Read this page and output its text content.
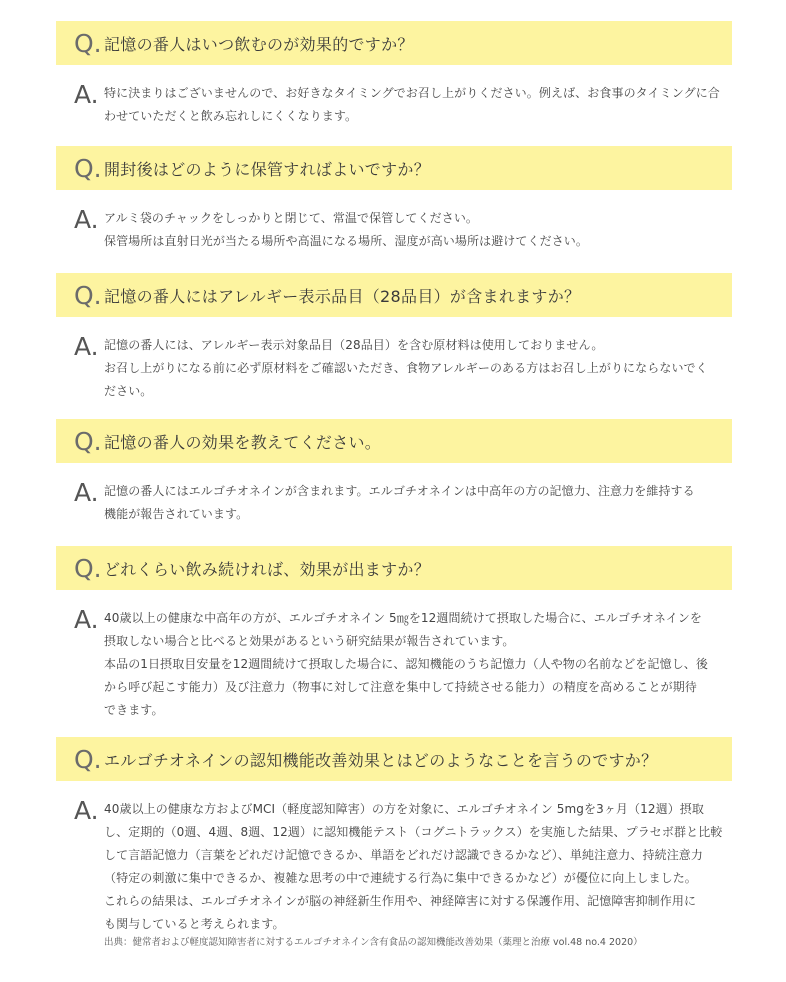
Q. 記憶の番人はいつ飲むのが効果的ですか？
A. 特に決まりはございませんので、お好きなタイミングでお召し上がりください。例えば、お食事のタイミングに合
わせていただくと飲み忘れしにくくなります。
Q. 開封後はどのように保管すればよいですか？
A. アルミ袋のチャックをしっかりと閉じて、常温で保管してください。
保管場所は直射日光が当たる場所や高温になる場所、湿度が高い場所は避けてください。
Q. 記憶の番人にはアレルギー表示品目（28品目）が含まれますか？
A. 記憶の番人には、アレルギー表示対象品目（28品目）を含む原材料は使用しておりません。
お召し上がりになる前に必ず原材料をご確認いただき、食物アレルギーのある方はお召し上がりにならないでく
ださい。
Q. 記憶の番人の効果を教えてください。
A. 記憶の番人にはエルゴチオネインが含まれます。エルゴチオネインは中高年の方の記憶力、注意力を維持する
機能が報告されています。
Q. どれくらい飲み続ければ、効果が出ますか？
A. 40歳以上の健康な中高年の方が、エルゴチオネイン 5㎎を12週間続けて摂取した場合に、エルゴチオネインを
摂取しない場合と比べると効果があるという研究結果が報告されています。
本品の1日摂取目安量を12週間続けて摂取した場合に、認知機能のうち記憶力（人や物の名前などを記憶し、後
から呼び起こす能力）及び注意力（物事に対して注意を集中して持続させる能力）の精度を高めることが期待
できます。
Q. エルゴチオネインの認知機能改善効果とはどのようなことを言うのですか？
A. 40歳以上の健康な方およびMCI（軽度認知障害）の方を対象に、エルゴチオネイン 5mgを3ヶ月（12週）摂取
し、定期的（0週、4週、8週、12週）に認知機能テスト（コグニトラックス）を実施した結果、プラセボ群と比較
して言語記憶力（言葉をどれだけ記憶できるか、単語をどれだけ認識できるかなど）、単純注意力、持続注意力
（特定の刺激に集中できるか、複雑な思考の中で連続する行為に集中できるかなど）が優位に向上しました。
これらの結果は、エルゴチオネインが脳の神経新生作用や、神経障害に対する保護作用、記憶障害抑制作用に
も関与していると考えられます。
出典：健常者および軽度認知障害者に対するエルゴチオネイン含有食品の認知機能改善効果（薬理と治療 vol.48 no.4 2020）
